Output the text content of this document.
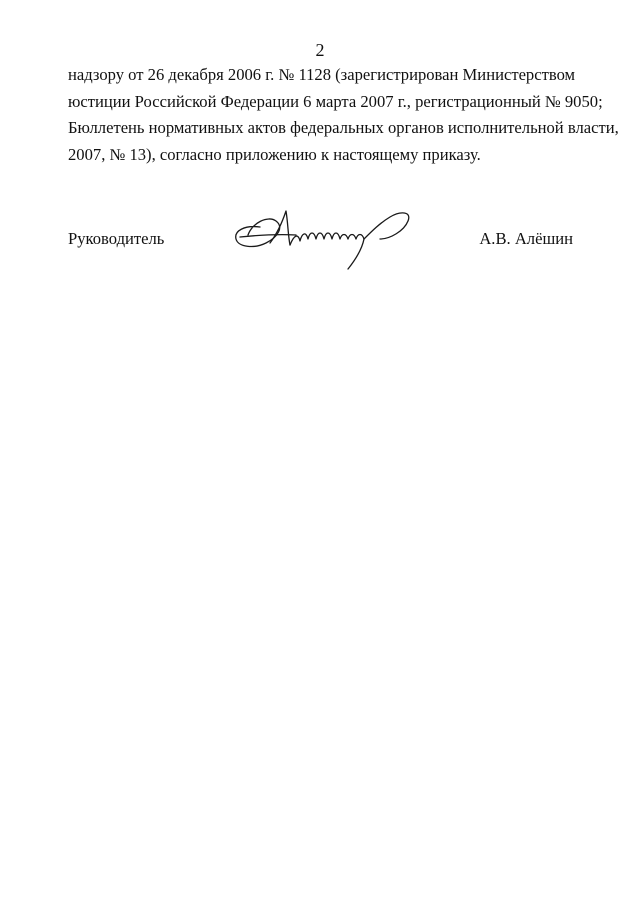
2
надзору от 26 декабря 2006 г. № 1128 (зарегистрирован Министерством
юстиции Российской Федерации 6 марта 2007 г., регистрационный № 9050;
Бюллетень нормативных актов федеральных органов исполнительной власти,
2007, № 13), согласно приложению к настоящему приказу.
Руководитель	А.В. Алёшин
